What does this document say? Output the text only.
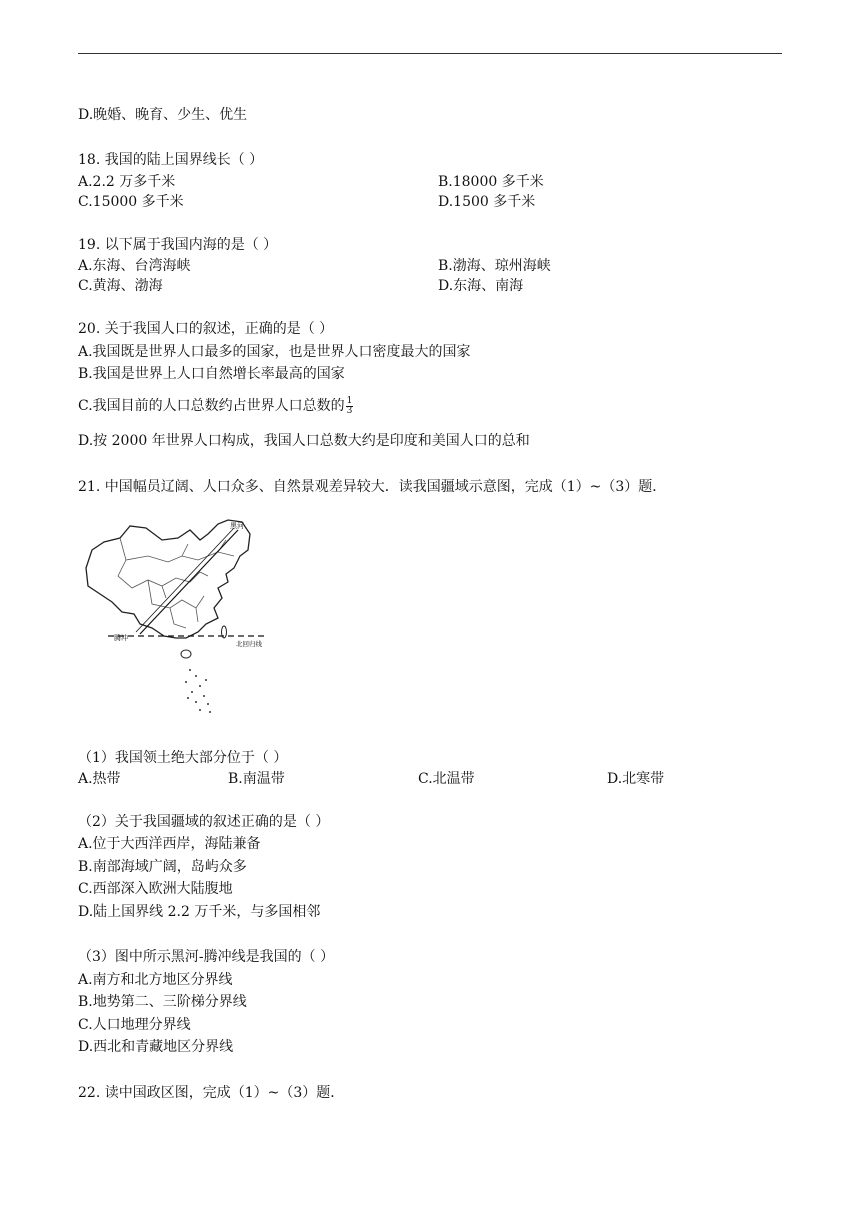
D.晚婚、晚育、少生、优生
18. 我国的陆上国界线长（ ）
A.2.2 万多千米	B.18000 多千米
C.15000 多千米	D.1500 多千米
19. 以下属于我国内海的是（ ）
A.东海、台湾海峡	B.渤海、琼州海峡
C.黄海、渤海	D.东海、南海
20. 关于我国人口的叙述，正确的是（ ）
A.我国既是世界人口最多的国家，也是世界人口密度最大的国家
B.我国是世界上人口自然增长率最高的国家
C.我国目前的人口总数约占世界人口总数的 $\frac{1}{3}$
D.按 2000 年世界人口构成，我国人口总数大约是印度和美国人口的总和
21. 中国幅员辽阔、人口众多、自然景观差异较大．读我国疆域示意图，完成（1）~（3）题．
黑河
腾冲
北回归线
（1）我国领土绝大部分位于（ ）
A.热带	B.南温带	C.北温带	D.北寒带
（2）关于我国疆域的叙述正确的是（ ）
A.位于大西洋西岸，海陆兼备
B.南部海域广阔，岛屿众多
C.西部深入欧洲大陆腹地
D.陆上国界线 2.2 万千米，与多国相邻
（3）图中所示黑河-腾冲线是我国的（ ）
A.南方和北方地区分界线
B.地势第二、三阶梯分界线
C.人口地理分界线
D.西北和青藏地区分界线
22. 读中国政区图，完成（1）~（3）题．
